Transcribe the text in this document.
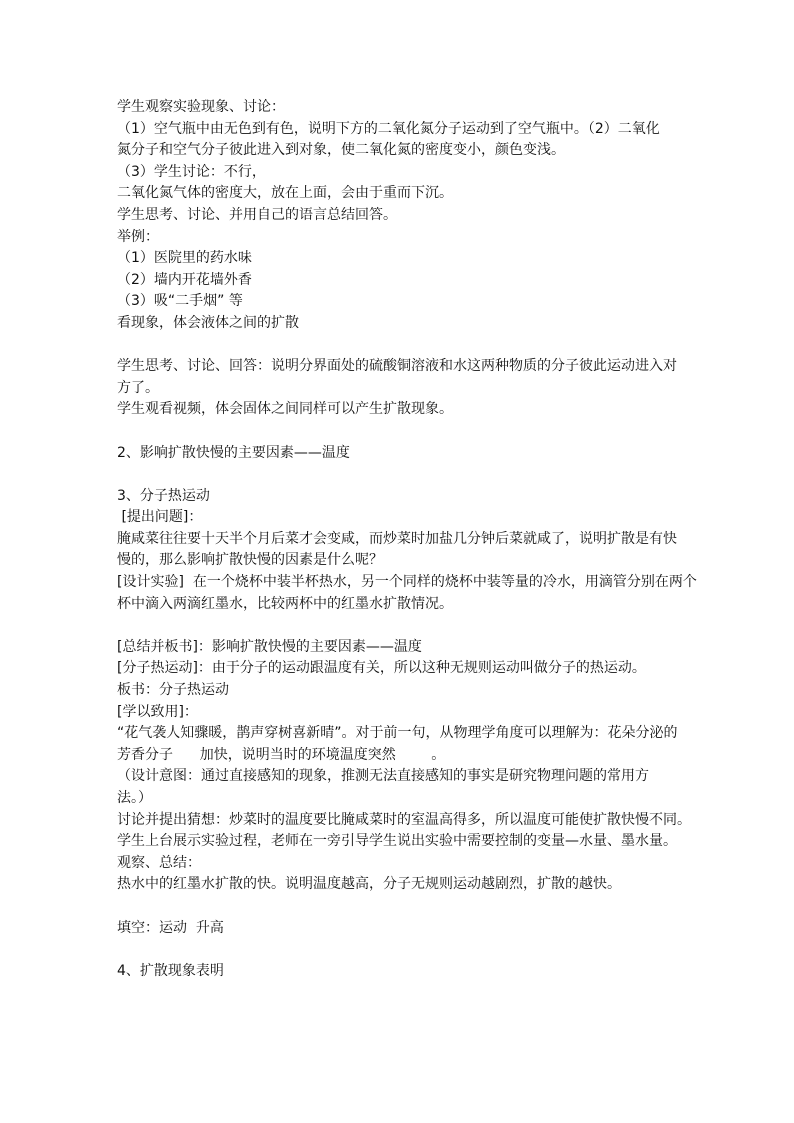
学生观察实验现象、讨论：
（1）空气瓶中由无色到有色，说明下方的二氧化氮分子运动到了空气瓶中。（2）二氧化
氮分子和空气分子彼此进入到对象，使二氧化氮的密度变小，颜色变浅。
（3）学生讨论：不行，
二氧化氮气体的密度大，放在上面，会由于重而下沉。
学生思考、讨论、并用自己的语言总结回答。
举例：
（1）医院里的药水味
（2）墙内开花墙外香
（3）吸“二手烟” 等
看现象，体会液体之间的扩散
学生思考、讨论、回答：说明分界面处的硫酸铜溶液和水这两种物质的分子彼此运动进入对
方了。
学生观看视频，体会固体之间同样可以产生扩散现象。
2、影响扩散快慢的主要因素——温度
3、分子热运动
[提出问题]：
腌咸菜往往要十天半个月后菜才会变咸，而炒菜时加盐几分钟后菜就咸了，说明扩散是有快
慢的，那么影响扩散快慢的因素是什么呢？
[设计实验]  在一个烧杯中装半杯热水，另一个同样的烧杯中装等量的冷水，用滴管分别在两个
杯中滴入两滴红墨水，比较两杯中的红墨水扩散情况。
[总结并板书]：影响扩散快慢的主要因素——温度
[分子热运动]：由于分子的运动跟温度有关，所以这种无规则运动叫做分子的热运动。
板书：分子热运动
[学以致用]：
“花气袭人知骤暖，鹊声穿树喜新晴”。对于前一句，从物理学角度可以理解为：花朵分泌的
芳香分子      加快，说明当时的环境温度突然        。
（设计意图：通过直接感知的现象，推测无法直接感知的事实是研究物理问题的常用方
法。）
讨论并提出猜想：炒菜时的温度要比腌咸菜时的室温高得多，所以温度可能使扩散快慢不同。
学生上台展示实验过程，老师在一旁引导学生说出实验中需要控制的变量—水量、墨水量。
观察、总结：
热水中的红墨水扩散的快。说明温度越高，分子无规则运动越剧烈，扩散的越快。
填空：运动  升高
4、扩散现象表明
